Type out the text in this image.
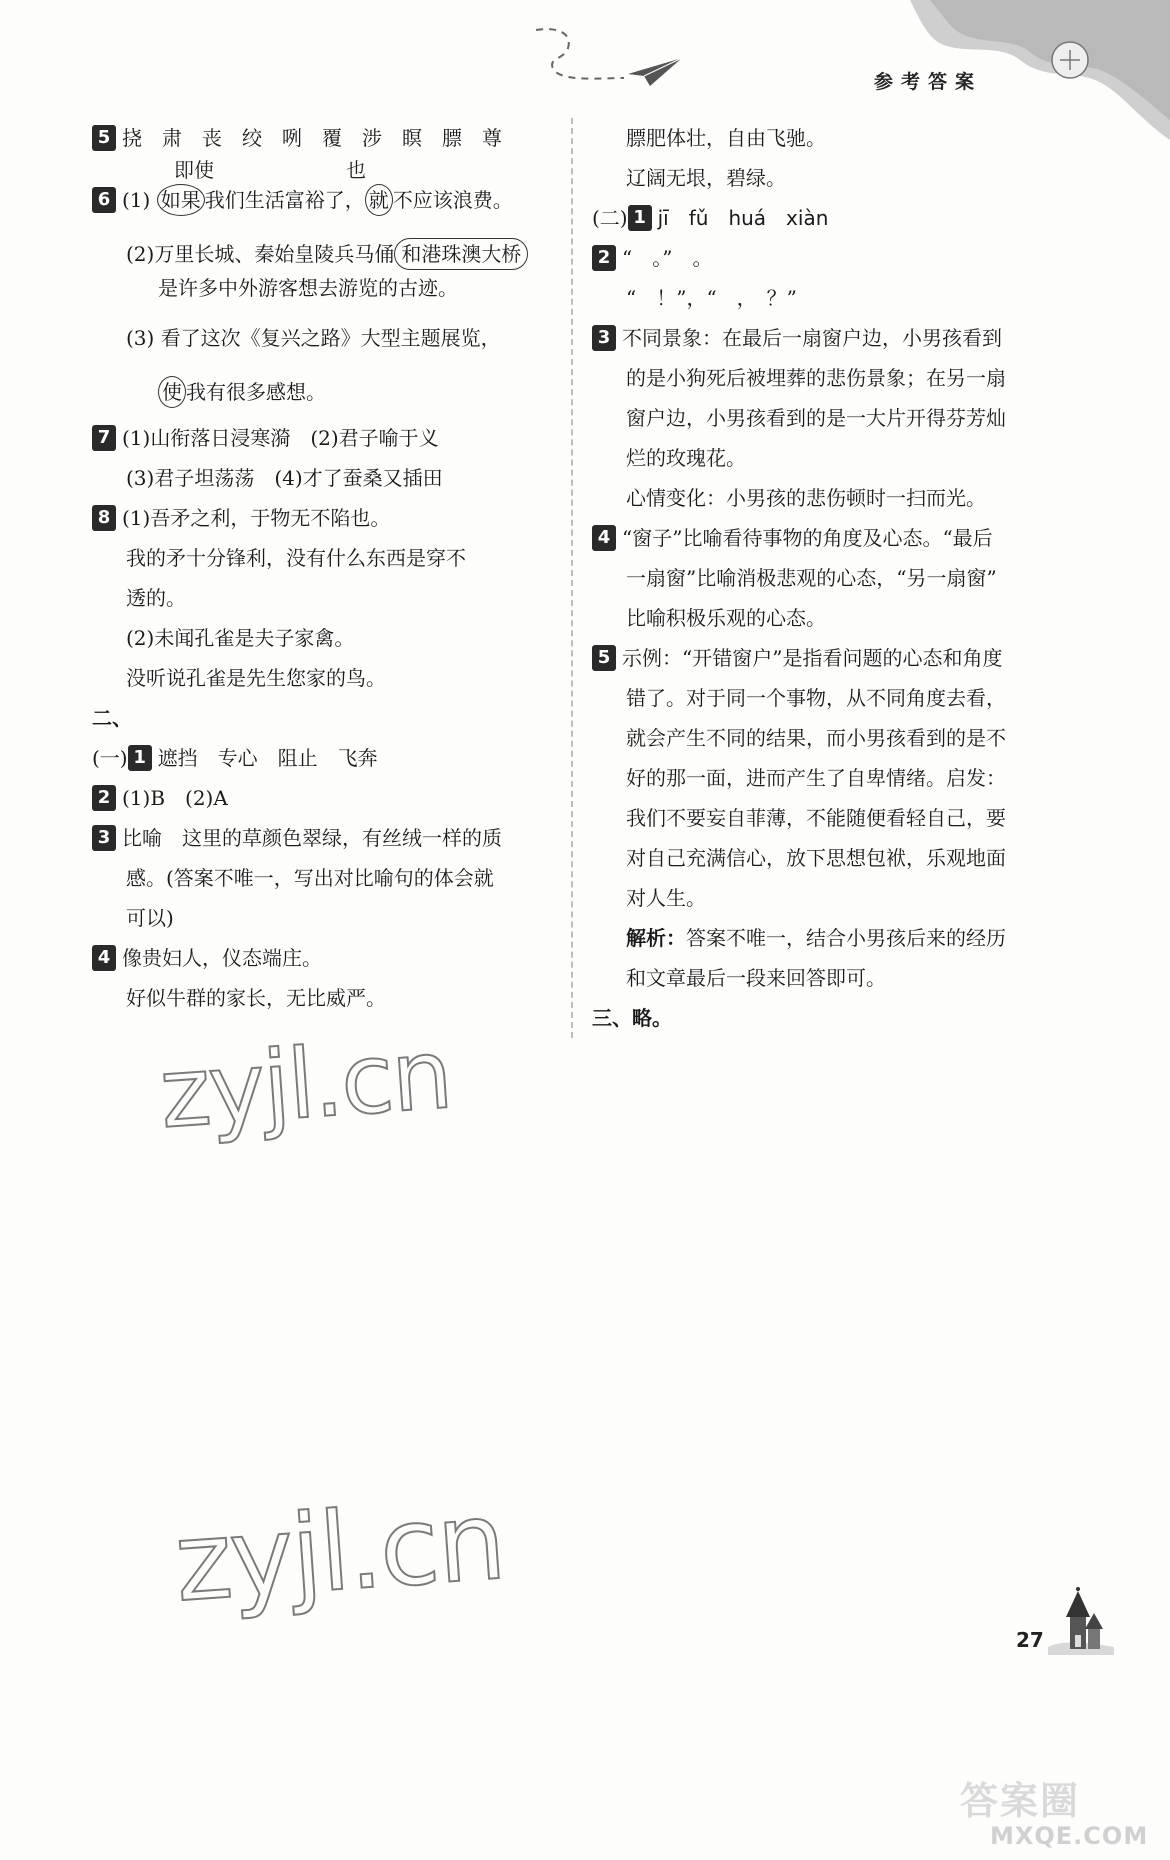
参考答案
5 挠　肃　丧　绞　咧　覆　涉　瞑　膘　尊
即使	也
6 (1) 如果 我们生活富裕了， 就 不应该浪费。
(2)万里长城、秦始皇陵兵马俑 和港珠澳大桥
是许多中外游客想去游览的古迹。
(3) 看了这次《复兴之路》大型主题展览，
使 我有很多感想。
7 (1)山衔落日浸寒漪　(2)君子喻于义
(3)君子坦荡荡　(4)才了蚕桑又插田
8 (1)吾矛之利，于物无不陷也。
我的矛十分锋利，没有什么东西是穿不
透的。
(2)未闻孔雀是夫子家禽。
没听说孔雀是先生您家的鸟。
二、
(一) 1 遮挡　专心　阻止　飞奔
2 (1)B　(2)A
3 比喻　这里的草颜色翠绿，有丝绒一样的质
感。(答案不唯一，写出对比喻句的体会就
可以)
4 像贵妇人，仪态端庄。
好似牛群的家长，无比威严。
膘肥体壮，自由飞驰。
辽阔无垠，碧绿。
(二) 1 jī　fǔ　huá　xiàn
2 “　。”　。
“　！”，“　，　？”
3 不同景象：在最后一扇窗户边，小男孩看到
的是小狗死后被埋葬的悲伤景象；在另一扇
窗户边，小男孩看到的是一大片开得芬芳灿
烂的玫瑰花。
心情变化：小男孩的悲伤顿时一扫而光。
4 “窗子”比喻看待事物的角度及心态。“最后
一扇窗”比喻消极悲观的心态，“另一扇窗”
比喻积极乐观的心态。
5 示例：“开错窗户”是指看问题的心态和角度
错了。对于同一个事物，从不同角度去看，
就会产生不同的结果，而小男孩看到的是不
好的那一面，进而产生了自卑情绪。启发：
我们不要妄自菲薄，不能随便看轻自己，要
对自己充满信心，放下思想包袱，乐观地面
对人生。
解析：答案不唯一，结合小男孩后来的经历
和文章最后一段来回答即可。
三、略。
zyjl.cn
zyjl.cn
27
答案圈
MXQE.COM
